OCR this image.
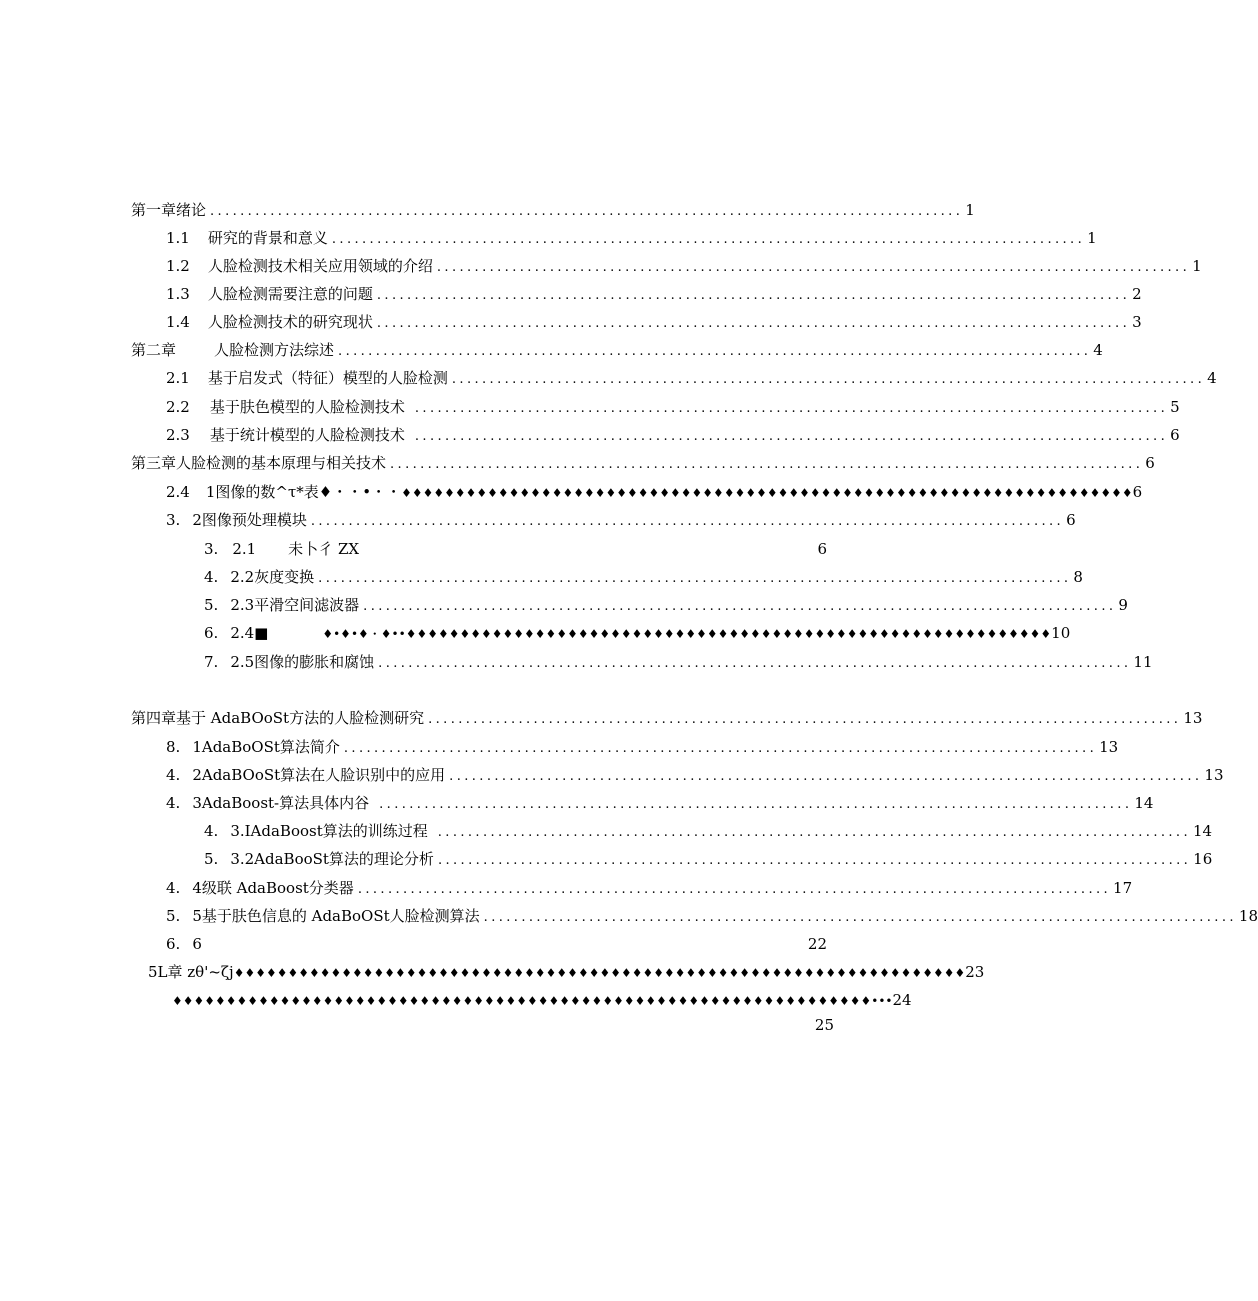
第一章绪论 .................................................................................................... 1
1.1 研究的背景和意义 .................................................................................................... 1
1.2 人脸检测技术相关应用领域的介绍 .................................................................................................... 1
1.3 人脸检测需要注意的问题 .................................................................................................... 2
1.4 人脸检测技术的研究现状 .................................................................................................... 3
第二章	人脸检测方法综述 .................................................................................................... 4
2.1 基于启发式（特征）模型的人脸检测 .................................................................................................... 4
2.2 基于肤色模型的人脸检测技术 .................................................................................................... 5
2.3 基于统计模型的人脸检测技术 .................................................................................................... 6
第三章人脸检测的基本原理与相关技术 .................................................................................................... 6
2.4 1图像的数^τ*表♦・・•・・ ♦♦♦♦♦♦♦♦♦♦♦♦♦♦♦♦♦♦♦♦♦♦♦♦♦♦♦♦♦♦♦♦♦♦♦♦♦♦♦♦♦♦♦♦♦♦♦♦♦♦♦♦♦♦♦♦♦♦♦♦♦♦♦♦♦♦♦♦ 6
3. 2图像预处理模块 .................................................................................................... 6
3. 2.1 未卜彳 ZX	6
4. 2.2灰度变换 .................................................................................................... 8
5. 2.3平滑空间滤波器 .................................................................................................... 9
6. 2.4■	♦•♦•♦・♦•• ♦♦♦♦♦♦♦♦♦♦♦♦♦♦♦♦♦♦♦♦♦♦♦♦♦♦♦♦♦♦♦♦♦♦♦♦♦♦♦♦♦♦♦♦♦♦♦♦♦♦♦♦♦♦♦♦♦♦♦♦ 10
7. 2.5图像的膨胀和腐蚀 .................................................................................................... 11
第四章基于 AdaBOoSt方法的人脸检测研究 .................................................................................................... 13
8. 1AdaBoOSt算法简介 .................................................................................................... 13
4. 2AdaBOoSt算法在人脸识别中的应用 .................................................................................................... 13
4. 3AdaBoost-算法具体内谷 .................................................................................................... 14
4. 3.IAdaBoost算法的训练过程 .................................................................................................... 14
5. 3.2AdaBooSt算法的理论分析 .................................................................................................... 16
4. 4级联 AdaBoost分类器 .................................................................................................... 17
5. 5基于肤色信息的 AdaBoOSt人脸检测算法 .................................................................................................... 18
6. 6	22
5L章 zθ'~ζj ♦♦♦♦♦♦♦♦♦♦♦♦♦♦♦♦♦♦♦♦♦♦♦♦♦♦♦♦♦♦♦♦♦♦♦♦♦♦♦♦♦♦♦♦♦♦♦♦♦♦♦♦♦♦♦♦♦♦♦♦♦♦♦♦♦♦♦♦ 23
♦♦♦♦♦♦♦♦♦♦♦♦♦♦♦♦♦♦♦♦♦♦♦♦♦♦♦♦♦♦♦♦♦♦♦♦♦♦♦♦♦♦♦♦♦♦♦♦♦♦♦♦♦♦♦♦♦♦♦♦♦♦♦♦♦••• 24
25
